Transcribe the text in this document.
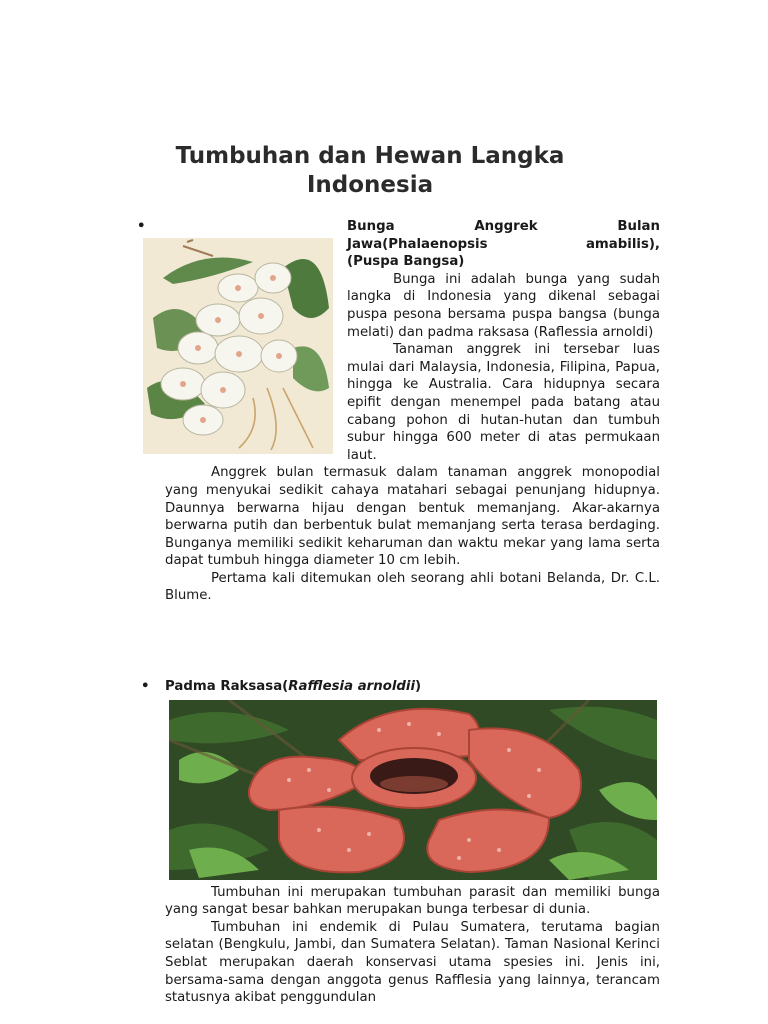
Tumbuhan dan Hewan Langka
Indonesia
•	Bunga Anggrek Bulan
Jawa(Phalaenopsis amabilis),
(Puspa Bangsa)

Bunga ini adalah bunga yang sudah langka di Indonesia yang dikenal sebagai puspa pesona bersama puspa bangsa (bunga melati) dan padma raksasa (Raflessia arnoldi)

Tanaman anggrek ini tersebar luas mulai dari Malaysia, Indonesia, Filipina, Papua, hingga ke Australia. Cara hidupnya secara epifit dengan menempel pada batang atau cabang pohon di hutan-hutan dan tumbuh subur hingga 600 meter di atas permukaan laut.

Anggrek bulan termasuk dalam tanaman anggrek monopodial yang menyukai sedikit cahaya matahari sebagai penunjang hidupnya. Daunnya berwarna hijau dengan bentuk memanjang. Akar-akarnya berwarna putih dan berbentuk bulat memanjang serta terasa berdaging. Bunganya memiliki sedikit keharuman dan waktu mekar yang lama serta dapat tumbuh hingga diameter 10 cm lebih.

Pertama kali ditemukan oleh seorang ahli botani Belanda, Dr. C.L. Blume.

• Padma Raksasa(Rafflesia arnoldii)

Tumbuhan ini merupakan tumbuhan parasit dan memiliki bunga yang sangat besar bahkan merupakan bunga terbesar di dunia.

Tumbuhan ini endemik di Pulau Sumatera, terutama bagian selatan (Bengkulu, Jambi, dan Sumatera Selatan). Taman Nasional Kerinci Seblat merupakan daerah konservasi utama spesies ini. Jenis ini, bersama-sama dengan anggota genus Rafflesia yang lainnya, terancam statusnya akibat penggundulan
